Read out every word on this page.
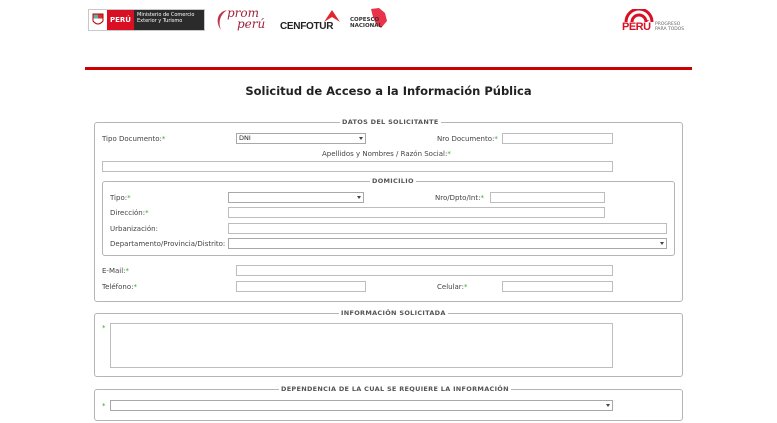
PERÚ
Ministerio de Comercio Exterior y Turismo
prom
perú CENFOTUR
COPESCO NACIONAL	PERÚ PROGRESO PARA TODOS
Solicitud de Acceso a la Información Pública
DATOS DEL SOLICITANTE
Tipo Documento:*	DNI	Nro Documento:*
Apellidos y Nombres / Razón Social:*
DOMICILIO
Tipo:*	Nro/Dpto/Int:*
Dirección:*
Urbanización:
Departamento/Provincia/Distrito:
E-Mail:*
Teléfono:*	Celular:*
INFORMACIÓN SOLICITADA
*
DEPENDENCIA DE LA CUAL SE REQUIERE LA INFORMACIÓN
*
